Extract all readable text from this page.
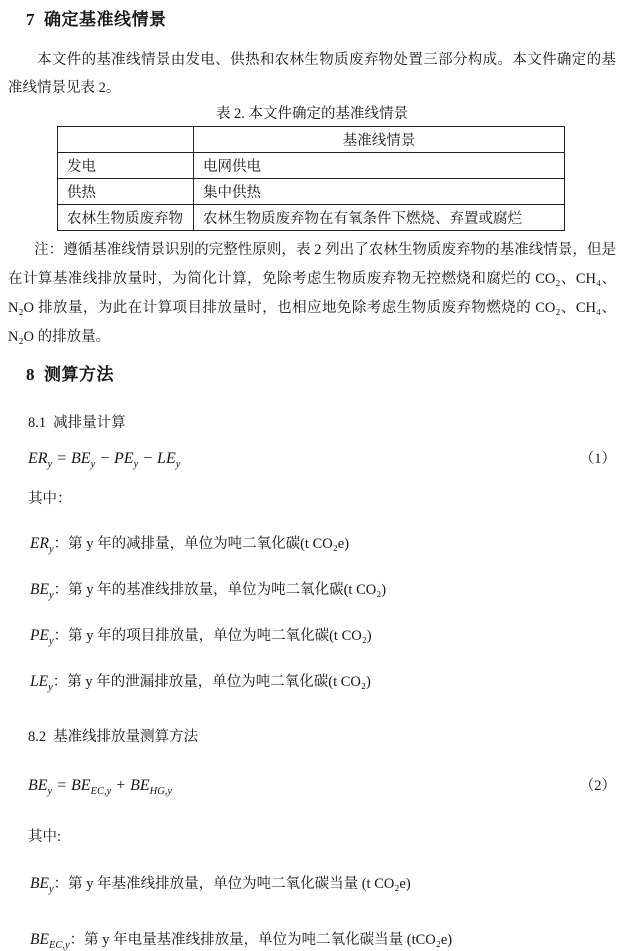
7 确定基准线情景

本文件的基准线情景由发电、供热和农林生物质废弃物处置三部分构成。本文件确定的基准线情景见表 2。

表 2. 本文件确定的基准线情景
	基准线情景
发电	电网供电
供热	集中供热
农林生物质废弃物	农林生物质废弃物在有氧条件下燃烧、弃置或腐烂

注：遵循基准线情景识别的完整性原则，表 2 列出了农林生物质废弃物的基准线情景，但是在计算基准线排放量时，为简化计算，免除考虑生物质废弃物无控燃烧和腐烂的 CO₂、CH₄、N₂O 排放量，为此在计算项目排放量时，也相应地免除考虑生物质废弃物燃烧的 CO₂、CH₄、N₂O 的排放量。

8 测算方法
8.1 减排量计算
$ER_y = BE_y - PE_y - LE_y$	（1）
其中：
$ER_y$：第 y 年的减排量，单位为吨二氧化碳(t CO₂e)
$BE_y$：第 y 年的基准线排放量，单位为吨二氧化碳(t CO₂)
$PE_y$：第 y 年的项目排放量，单位为吨二氧化碳(t CO₂)
$LE_y$：第 y 年的泄漏排放量，单位为吨二氧化碳(t CO₂)
8.2 基准线排放量测算方法
$BE_y = BE_{EC,y} + BE_{HG,y}$	（2）
其中:
$BE_y$：第 y 年基准线排放量，单位为吨二氧化碳当量 (t CO₂e)
$BE_{EC,y}$：第 y 年电量基准线排放量，单位为吨二氧化碳当量 (tCO₂e)
